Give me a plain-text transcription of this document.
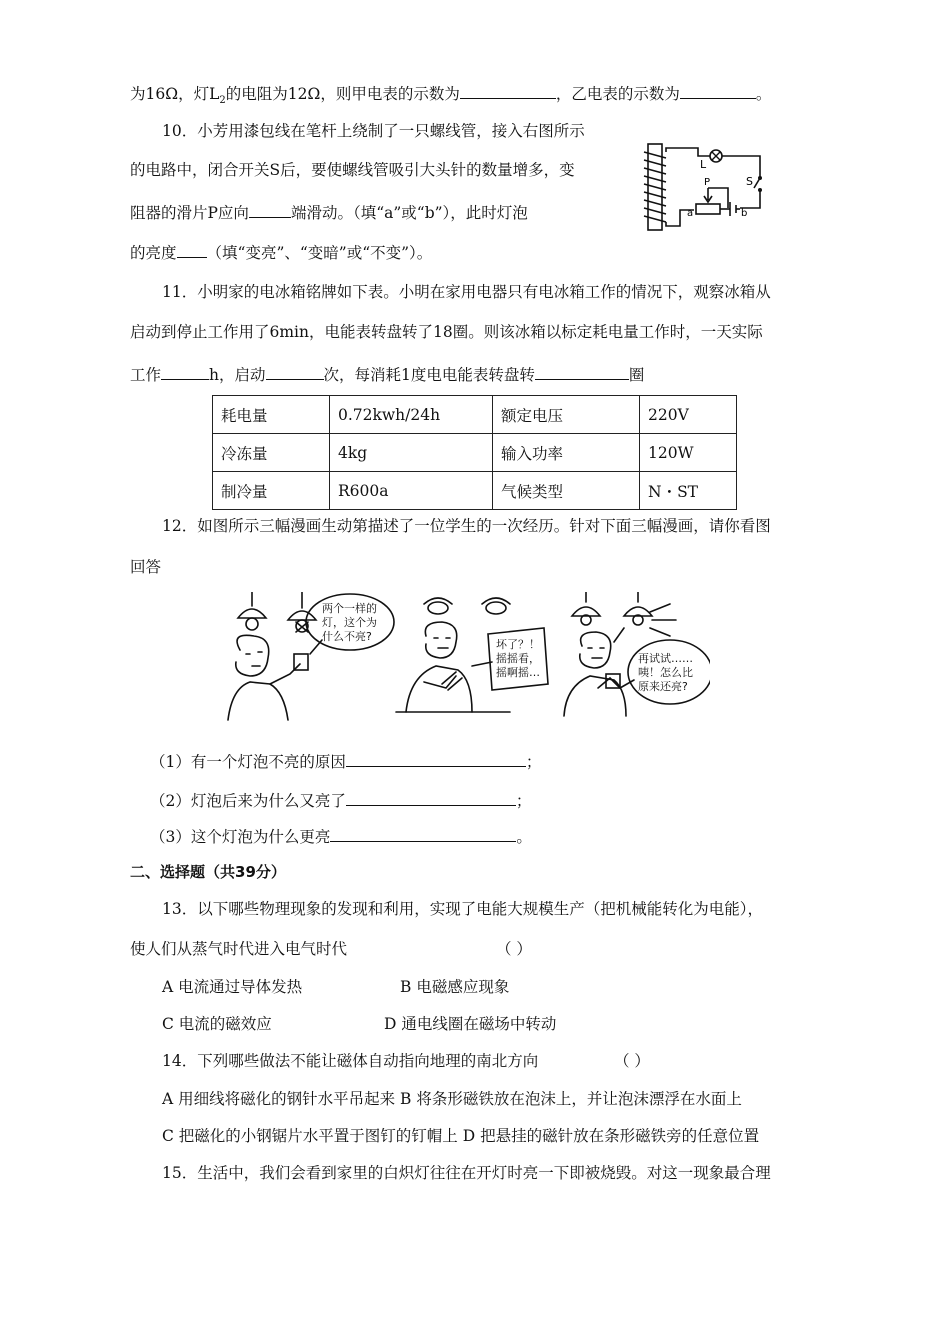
为16Ω，灯$L_2$的电阻为12Ω，则甲电表的示数为	，乙电表的示数为	。
10．小芳用漆包线在笔杆上绕制了一只螺线管，接入右图所示
的电路中，闭合开关S后，要使螺线管吸引大头针的数量增多，变
阻器的滑片P应向	端滑动。（填“a”或“b”），此时灯泡
的亮度 （填“变亮”、“变暗”或“不变”）。
L
S
P
a	b
11．小明家的电冰箱铭牌如下表。小明在家用电器只有电冰箱工作的情况下，观察冰箱从
启动到停止工作用了6min，电能表转盘转了18圈。则该冰箱以标定耗电量工作时，一天实际
工作	h，启动	次，每消耗1度电电能表转盘转	圈
耗电量	0.72kwh/24h	额定电压	220V
冷冻量	4kg	输入功率	120W
制冷量	R600a	气候类型	N・ST
12．如图所示三幅漫画生动第描述了一位学生的一次经历。针对下面三幅漫画，请你看图
回答
两个一样的
灯，这个为
什么不亮?
坏了？！
摇摇看，
摇啊摇…
再试试……
咦！怎么比
原来还亮?
（1）有一个灯泡不亮的原因	；
（2）灯泡后来为什么又亮了	；
（3）这个灯泡为什么更亮	。
二、选择题（共39分）
13．以下哪些物理现象的发现和利用，实现了电能大规模生产（把机械能转化为电能），
使人们从蒸气时代进入电气时代	（ ）
A 电流通过导体发热	B 电磁感应现象
C 电流的磁效应	D 通电线圈在磁场中转动
14．下列哪些做法不能让磁体自动指向地理的南北方向	（ ）
A 用细线将磁化的钢针水平吊起来 B 将条形磁铁放在泡沫上，并让泡沫漂浮在水面上
C 把磁化的小钢锯片水平置于图钉的钉帽上 D 把悬挂的磁针放在条形磁铁旁的任意位置
15．生活中，我们会看到家里的白炽灯往往在开灯时亮一下即被烧毁。对这一现象最合理
